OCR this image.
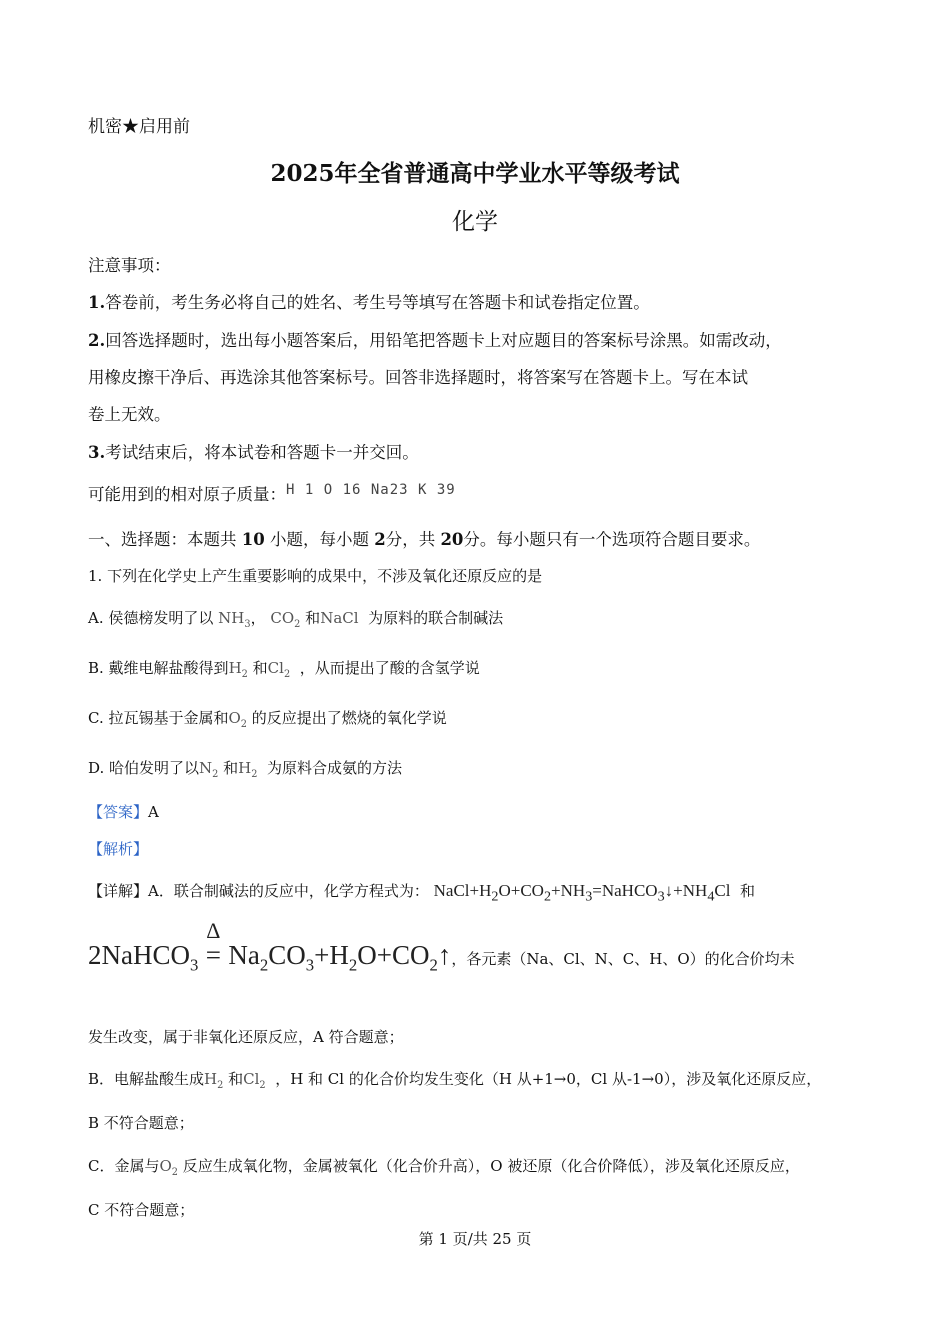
机密★启用前
2025年全省普通高中学业水平等级考试
化学
注意事项：
1.答卷前，考生务必将自己的姓名、考生号等填写在答题卡和试卷指定位置。
2.回答选择题时，选出每小题答案后，用铅笔把答题卡上对应题目的答案标号涂黑。如需改动，
用橡皮擦干净后、再选涂其他答案标号。回答非选择题时，将答案写在答题卡上。写在本试
卷上无效。
3.考试结束后，将本试卷和答题卡一并交回。
可能用到的相对原子质量：$^{H 1 O 16 Na23 K 39}$
一、选择题：本题共 10 小题，每小题 2分，共 20分。每小题只有一个选项符合题目要求。
1. 下列在化学史上产生重要影响的成果中，不涉及氧化还原反应的是
A. 侯德榜发明了以 $NH_3$， $CO_2$ 和NaCl 为原料的联合制碱法
B. 戴维电解盐酸得到$H_2$ 和$Cl_2$ ，从而提出了酸的含氢学说
C. 拉瓦锡基于金属和$O_2$ 的反应提出了燃烧的氧化学说
D. 哈伯发明了以$N_2$ 和$H_2$ 为原料合成氨的方法
【答案】A
【解析】
【详解】A．联合制碱法的反应中，化学方程式为： $NaCl+H_2O+CO_2+NH_3=NaHCO_3↓+NH_4Cl$ 和
2NaHCO$_3$
Δ
= $Na_2CO_3+H_2O+CO_2↑$，各元素（Na、Cl、N、C、H、O）的化合价均未
发生改变，属于非氧化还原反应，A 符合题意；
B．电解盐酸生成$H_2$ 和$Cl_2$ ，H 和 Cl 的化合价均发生变化（H 从+1→0，Cl 从-1→0），涉及氧化还原反应，
B 不符合题意；
C．金属与$O_2$ 反应生成氧化物，金属被氧化（化合价升高），O 被还原（化合价降低），涉及氧化还原反应，
C 不符合题意；
第 1 页/共 25 页
